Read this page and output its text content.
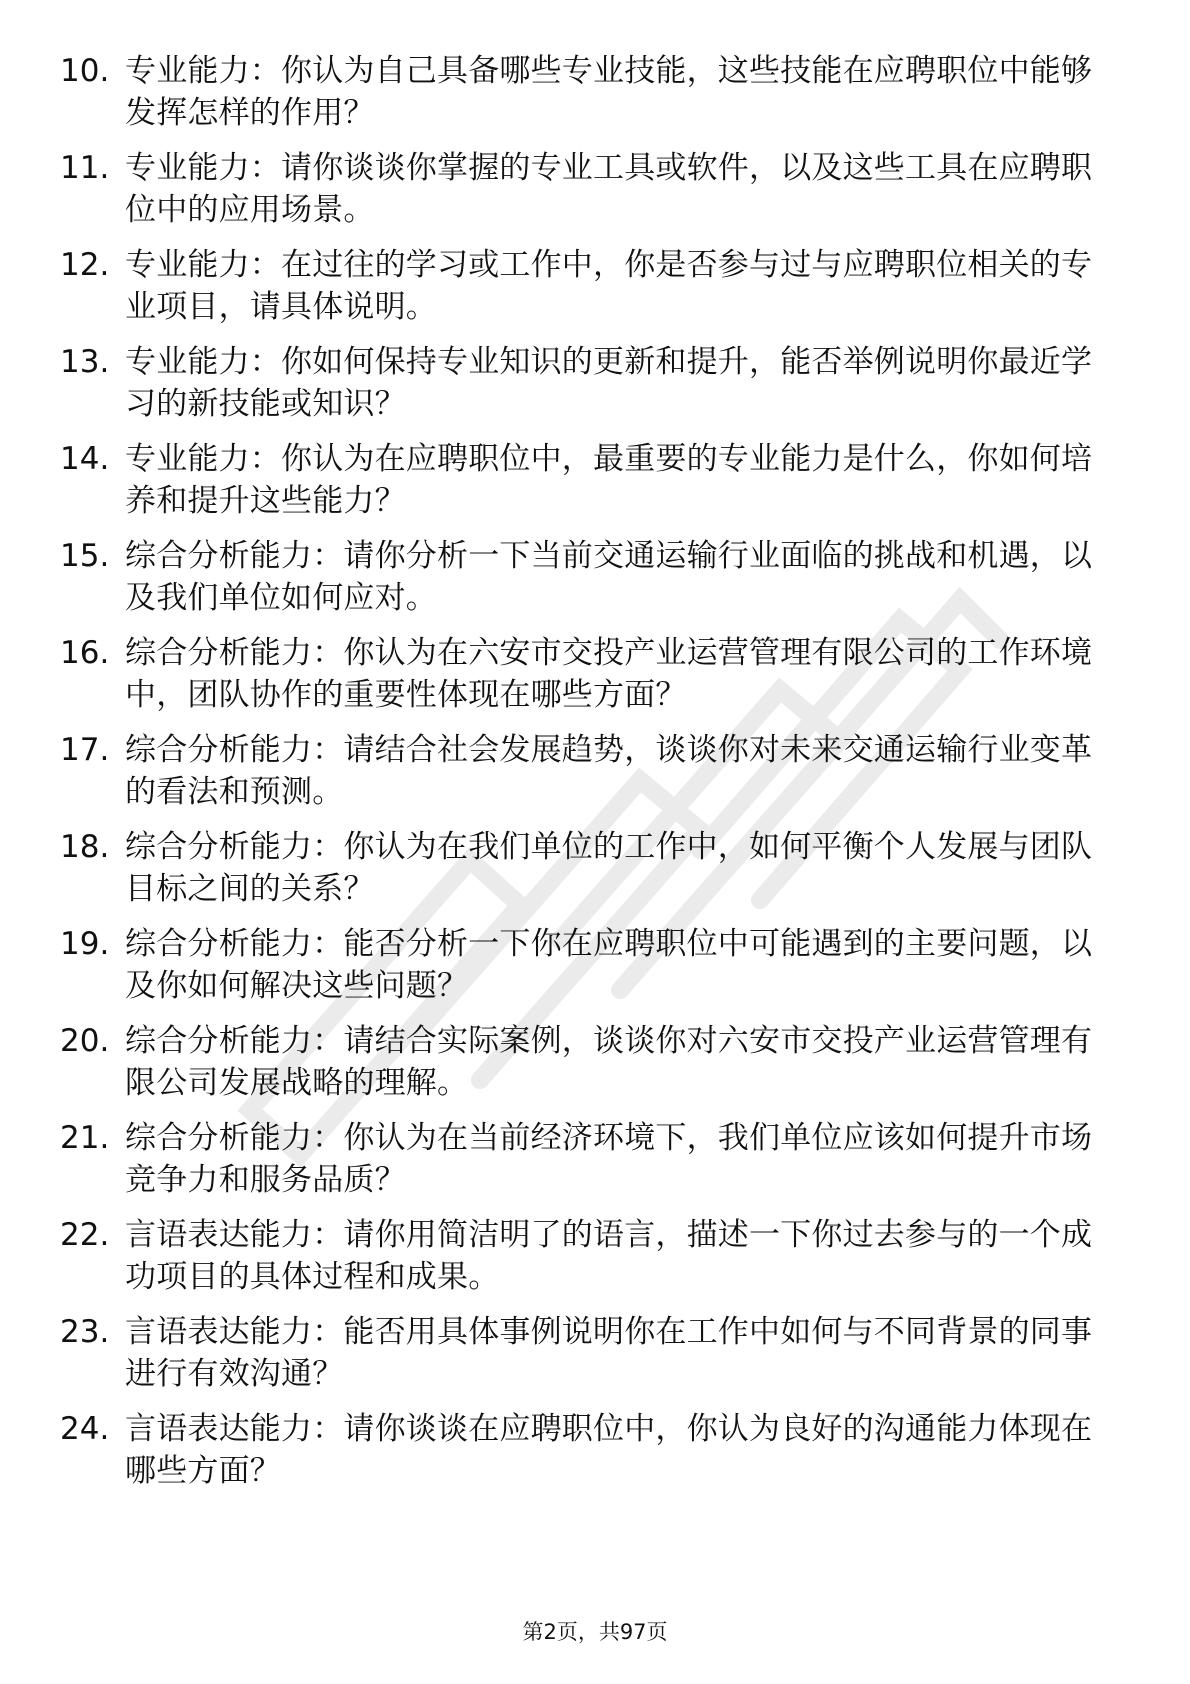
10. 专业能力：你认为自己具备哪些专业技能，这些技能在应聘职位中能够发挥怎样的作用？
11. 专业能力：请你谈谈你掌握的专业工具或软件，以及这些工具在应聘职位中的应用场景。
12. 专业能力：在过往的学习或工作中，你是否参与过与应聘职位相关的专业项目，请具体说明。
13. 专业能力：你如何保持专业知识的更新和提升，能否举例说明你最近学习的新技能或知识？
14. 专业能力：你认为在应聘职位中，最重要的专业能力是什么，你如何培养和提升这些能力？
15. 综合分析能力：请你分析一下当前交通运输行业面临的挑战和机遇，以及我们单位如何应对。
16. 综合分析能力：你认为在六安市交投产业运营管理有限公司的工作环境中，团队协作的重要性体现在哪些方面？
17. 综合分析能力：请结合社会发展趋势，谈谈你对未来交通运输行业变革的看法和预测。
18. 综合分析能力：你认为在我们单位的工作中，如何平衡个人发展与团队目标之间的关系？
19. 综合分析能力：能否分析一下你在应聘职位中可能遇到的主要问题，以及你如何解决这些问题？
20. 综合分析能力：请结合实际案例，谈谈你对六安市交投产业运营管理有限公司发展战略的理解。
21. 综合分析能力：你认为在当前经济环境下，我们单位应该如何提升市场竞争力和服务品质？
22. 言语表达能力：请你用简洁明了的语言，描述一下你过去参与的一个成功项目的具体过程和成果。
23. 言语表达能力：能否用具体事例说明你在工作中如何与不同背景的同事进行有效沟通？
24. 言语表达能力：请你谈谈在应聘职位中，你认为良好的沟通能力体现在哪些方面？
第2页，共97页
